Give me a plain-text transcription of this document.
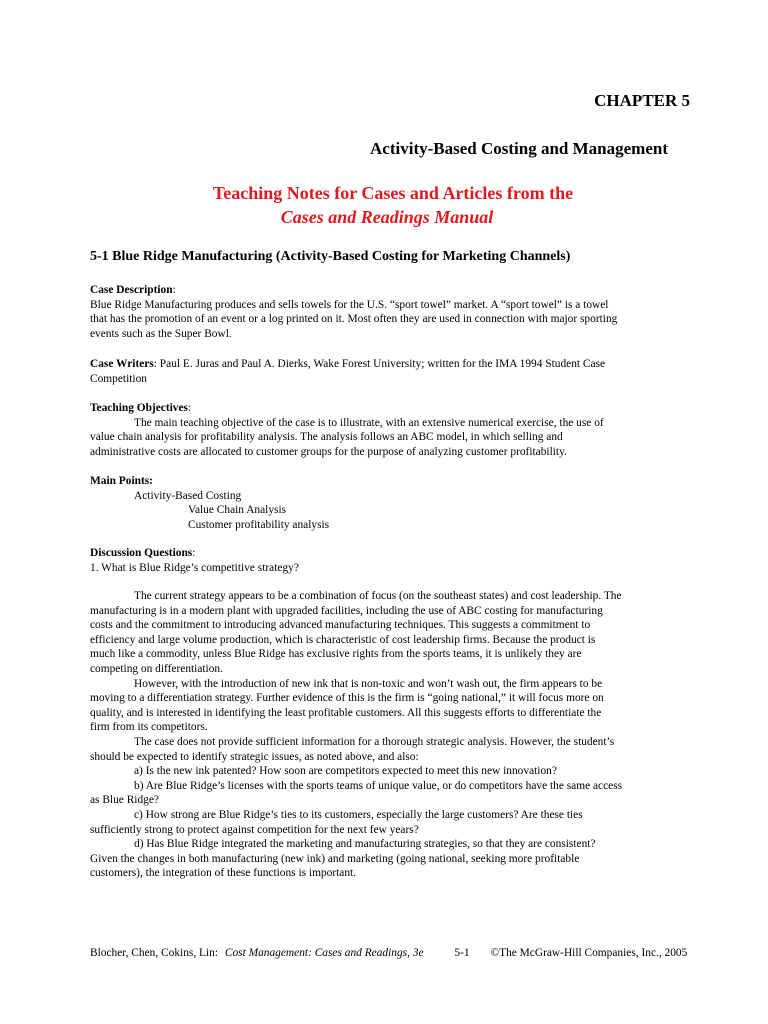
CHAPTER 5
Activity-Based Costing and Management
Teaching Notes for Cases and Articles from the
Cases and Readings Manual
5-1 Blue Ridge Manufacturing (Activity-Based Costing for Marketing Channels)

Case Description:

Blue Ridge Manufacturing produces and sells towels for the U.S. “sport towel” market. A “sport towel” is a towel

that has the promotion of an event or a log printed on it. Most often they are used in connection with major sporting

events such as the Super Bowl.

Case Writers: Paul E. Juras and Paul A. Dierks, Wake Forest University; written for the IMA 1994 Student Case

Competition

Teaching Objectives:

The main teaching objective of the case is to illustrate, with an extensive numerical exercise, the use of

value chain analysis for profitability analysis. The analysis follows an ABC model, in which selling and

administrative costs are allocated to customer groups for the purpose of analyzing customer profitability.

Main Points:

Activity-Based Costing

Value Chain Analysis

Customer profitability analysis

Discussion Questions:

1. What is Blue Ridge’s competitive strategy?

The current strategy appears to be a combination of focus (on the southeast states) and cost leadership. The

manufacturing is in a modern plant with upgraded facilities, including the use of ABC costing for manufacturing

costs and the commitment to introducing advanced manufacturing techniques. This suggests a commitment to

efficiency and large volume production, which is characteristic of cost leadership firms. Because the product is

much like a commodity, unless Blue Ridge has exclusive rights from the sports teams, it is unlikely they are

competing on differentiation.

However, with the introduction of new ink that is non-toxic and won’t wash out, the firm appears to be

moving to a differentiation strategy. Further evidence of this is the firm is “going national,” it will focus more on

quality, and is interested in identifying the least profitable customers. All this suggests efforts to differentiate the

firm from its competitors.

The case does not provide sufficient information for a thorough strategic analysis. However, the student’s

should be expected to identify strategic issues, as noted above, and also:

a) Is the new ink patented? How soon are competitors expected to meet this new innovation?

b) Are Blue Ridge’s licenses with the sports teams of unique value, or do competitors have the same access

as Blue Ridge?

c) How strong are Blue Ridge’s ties to its customers, especially the large customers? Are these ties

sufficiently strong to protect against competition for the next few years?

d) Has Blue Ridge integrated the marketing and manufacturing strategies, so that they are consistent?

Given the changes in both manufacturing (new ink) and marketing (going national, seeking more profitable

customers), the integration of these functions is important.

Blocher, Chen, Cokins, Lin: Cost Management: Cases and Readings, 3e	5-1 ©The McGraw-Hill Companies, Inc., 2005
